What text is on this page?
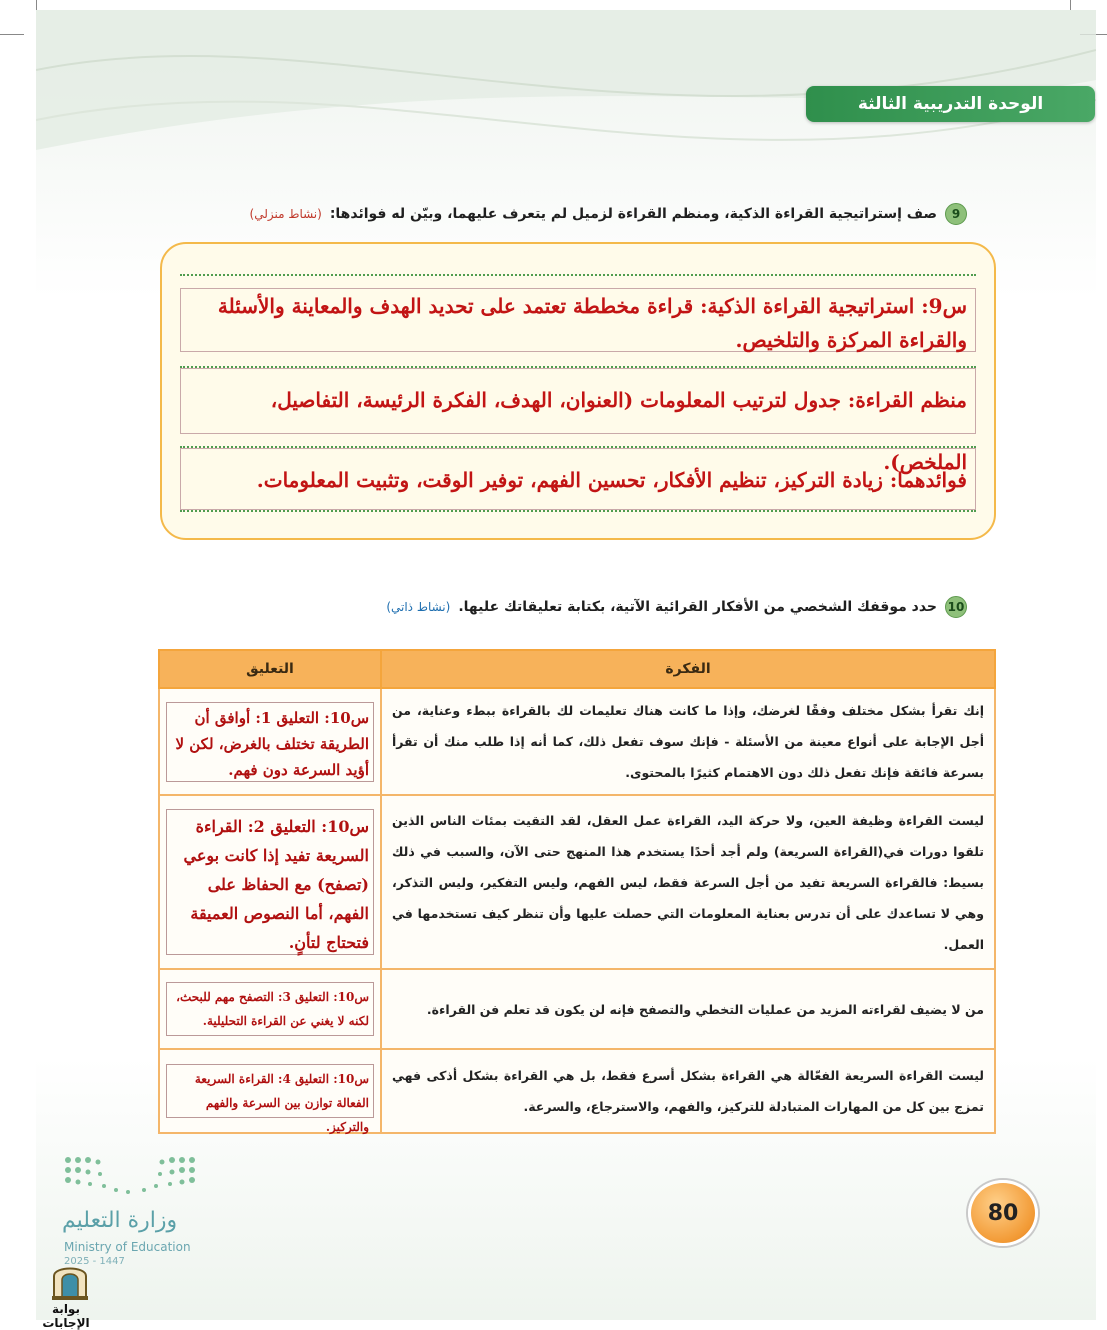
الوحدة التدريبية الثالثة
9
صف إستراتيجية القراءة الذكية، ومنظم القراءة لزميل لم يتعرف عليهما، وبيّن له فوائدها:
(نشاط منزلي)
س9: استراتيجية القراءة الذكية: قراءة مخططة تعتمد على تحديد الهدف والمعاينة والأسئلة والقراءة المركزة والتلخيص.
منظم القراءة: جدول لترتيب المعلومات (العنوان، الهدف، الفكرة الرئيسة، التفاصيل، الملخص).
فوائدهما: زيادة التركيز، تنظيم الأفكار، تحسين الفهم، توفير الوقت، وتثبيت المعلومات.
10
حدد موقفك الشخصي من الأفكار القرائية الآتية، بكتابة تعليقاتك عليها.
(نشاط ذاتي)
الفكرة	التعليق
إنك تقرأ بشكل مختلف وفقًا لغرضك، وإذا ما كانت هناك تعليمات لك بالقراءة ببطء وعناية، من أجل الإجابة على أنواع معينة من الأسئلة - فإنك سوف تفعل ذلك، كما أنه إذا طلب منك أن تقرأ بسرعة فائقة فإنك تفعل ذلك دون الاهتمام كثيرًا بالمحتوى.	س10: التعليق 1: أوافق أن الطريقة تختلف بالغرض، لكن لا أؤيد السرعة دون فهم.

ليست القراءة وظيفة العين، ولا حركة اليد، القراءة عمل العقل، لقد التقيت بمئات الناس الذين تلقوا دورات في(القراءة السريعة) ولم أجد أحدًا يستخدم هذا المنهج حتى الآن، والسبب في ذلك بسيط: فالقراءة السريعة تفيد من أجل السرعة فقط، ليس الفهم، وليس التفكير، وليس التذكر، وهي لا تساعدك على أن تدرس بعناية المعلومات التي حصلت عليها وأن تنظر كيف تستخدمها في العمل.	س10: التعليق 2: القراءة السريعة تفيد إذا كانت بوعي (تصفح) مع الحفاظ على الفهم، أما النصوص العميقة فتحتاج لتأنٍ.

من لا يضيف لقراءته المزيد من عمليات التخطي والتصفح فإنه لن يكون قد تعلم فن القراءة.	س10: التعليق 3: التصفح مهم للبحث، لكنه لا يغني عن القراءة التحليلية.

ليست القراءة السريعة الفعّالة هي القراءة بشكل أسرع فقط، بل هي القراءة بشكل أذكى فهي تمزج بين كل من المهارات المتبادلة للتركيز، والفهم، والاسترجاع، والسرعة.	س10: التعليق 4: القراءة السريعة الفعالة توازن بين السرعة والفهم والتركيز.
وزارة التعليم
Ministry of Education
2025 - 1447
80
بوابة الإجابات
